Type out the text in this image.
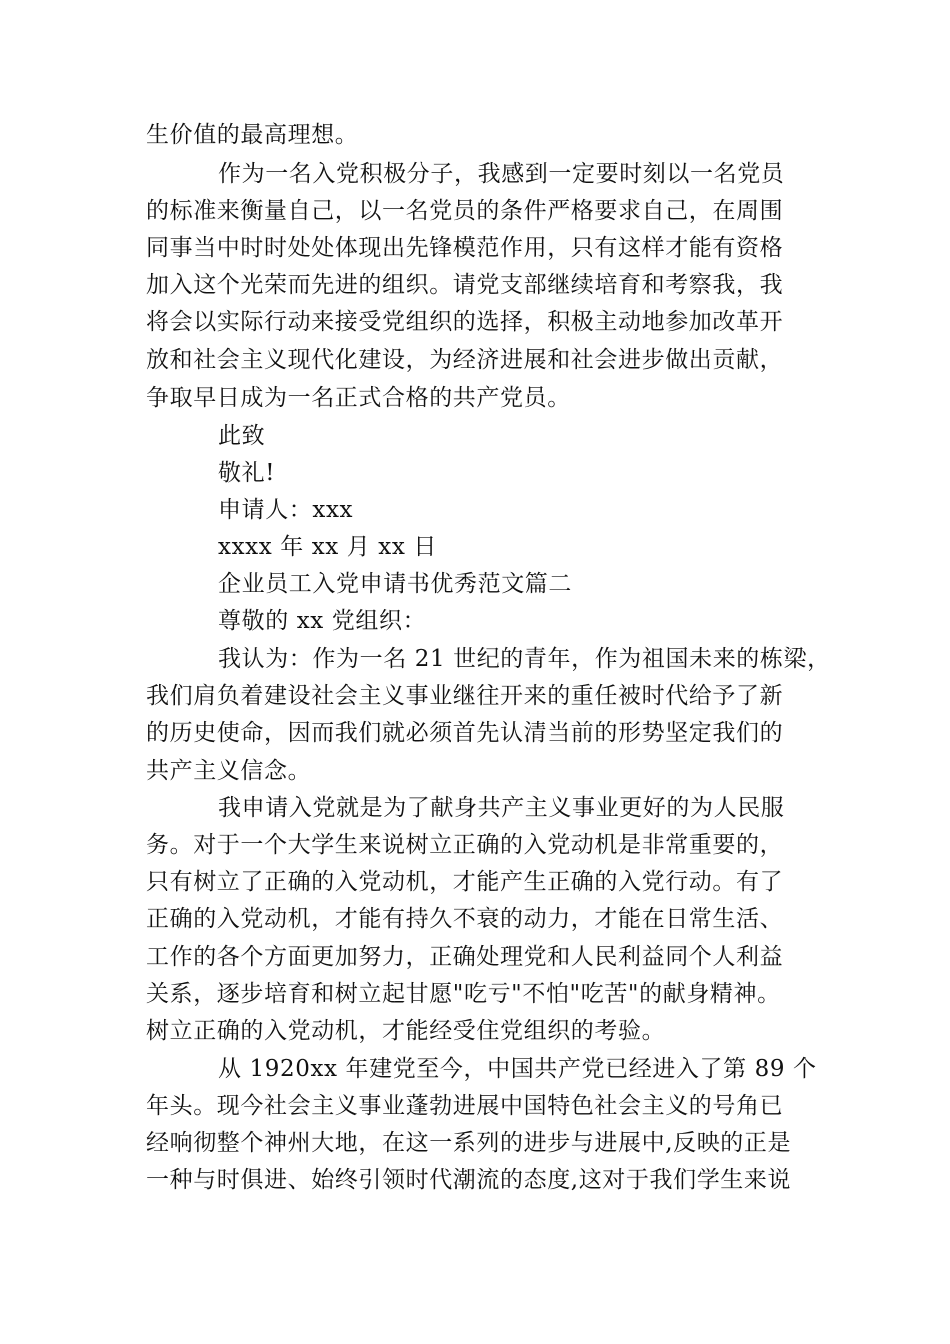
生价值的最高理想。
作为一名入党积极分子，我感到一定要时刻以一名党员
的标准来衡量自己，以一名党员的条件严格要求自己，在周围
同事当中时时处处体现出先锋模范作用，只有这样才能有资格
加入这个光荣而先进的组织。请党支部继续培育和考察我，我
将会以实际行动来接受党组织的选择，积极主动地参加改革开
放和社会主义现代化建设，为经济进展和社会进步做出贡献，
争取早日成为一名正式合格的共产党员。
此致
敬礼!
申请人：xxx
xxxx 年 xx 月 xx 日
企业员工入党申请书优秀范文篇二
尊敬的 xx 党组织：
我认为：作为一名 21 世纪的青年，作为祖国未来的栋梁，
我们肩负着建设社会主义事业继往开来的重任被时代给予了新
的历史使命，因而我们就必须首先认清当前的形势坚定我们的
共产主义信念。
我申请入党就是为了献身共产主义事业更好的为人民服
务。对于一个大学生来说树立正确的入党动机是非常重要的，
只有树立了正确的入党动机，才能产生正确的入党行动。有了
正确的入党动机，才能有持久不衰的动力，才能在日常生活、
工作的各个方面更加努力，正确处理党和人民利益同个人利益
关系，逐步培育和树立起甘愿"吃亏"不怕"吃苦"的献身精神。
树立正确的入党动机，才能经受住党组织的考验。
从 1920xx 年建党至今，中国共产党已经进入了第 89 个
年头。现今社会主义事业蓬勃进展中国特色社会主义的号角已
经响彻整个神州大地，在这一系列的进步与进展中,反映的正是
一种与时俱进、始终引领时代潮流的态度,这对于我们学生来说
